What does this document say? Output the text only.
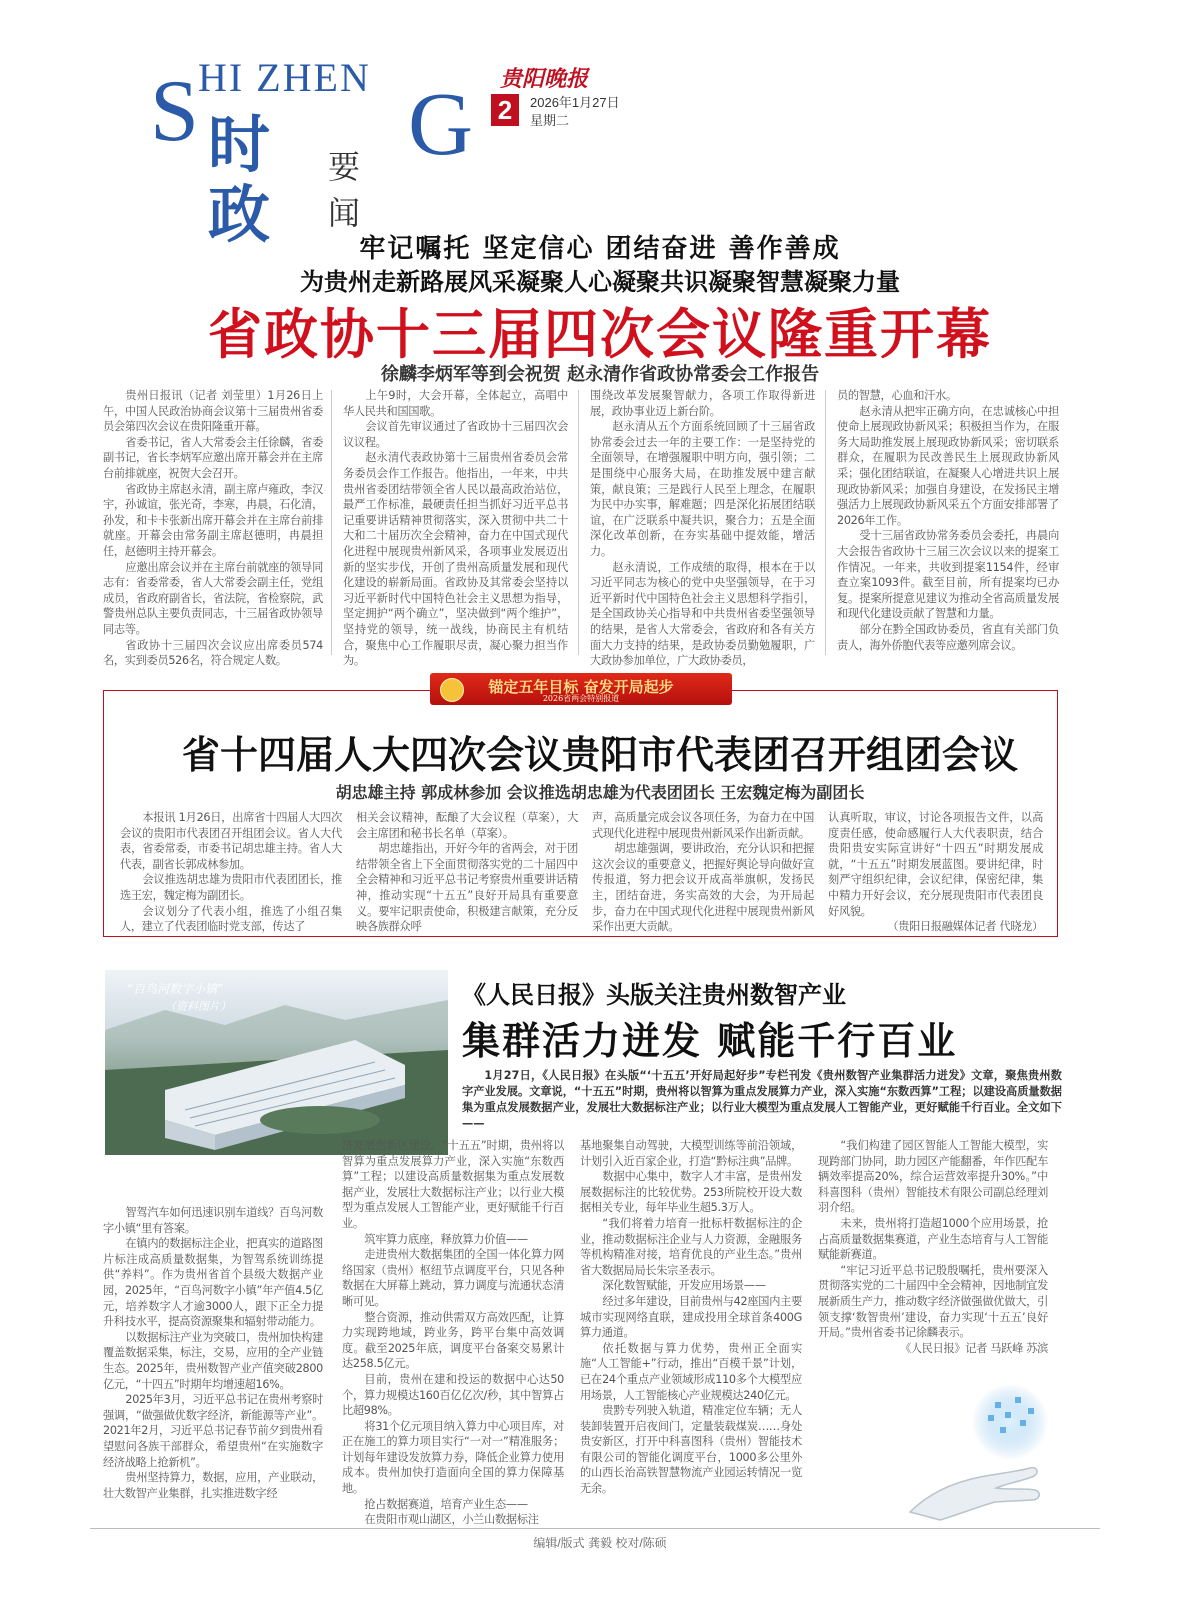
S HI ZHEN G
时政
要闻
贵阳晚报
2	2026年1月27日
星期二
牢记嘱托 坚定信心 团结奋进 善作善成
为贵州走新路展风采凝聚人心凝聚共识凝聚智慧凝聚力量
省政协十三届四次会议隆重开幕
徐麟李炳军等到会祝贺 赵永清作省政协常委会工作报告

贵州日报讯（记者 刘莹里）1月26日上午，中国人民政治协商会议第十三届贵州省委员会第四次会议在贵阳隆重开幕。

省委书记，省人大常委会主任徐麟，省委副书记，省长李炳军应邀出席开幕会并在主席台前排就座，祝贺大会召开。

省政协主席赵永清，副主席卢雍政，李汉宇，孙诚谊，张光奇，李寒，冉晨，石化清，孙发，和卡卡张新出席开幕会并在主席台前排就座。开幕会由常务副主席赵德明，冉晨担任，赵德明主持开幕会。

应邀出席会议并在主席台前就座的领导同志有：省委常委，省人大常委会副主任，党组成员，省政府副省长，省法院，省检察院，武警贵州总队主要负责同志，十三届省政协领导同志等。

省政协十三届四次会议应出席委员574名，实到委员526名，符合规定人数。

上午9时，大会开幕，全体起立，高唱中华人民共和国国歌。

会议首先审议通过了省政协十三届四次会议议程。

赵永清代表政协第十三届贵州省委员会常务委员会作工作报告。他指出，一年来，中共贵州省委团结带领全省人民以最高政治站位，最严工作标准，最硬责任担当抓好习近平总书记重要讲话精神贯彻落实，深入贯彻中共二十大和二十届历次全会精神，奋力在中国式现代化进程中展现贵州新风采，各项事业发展迈出新的坚实步伐，开创了贵州高质量发展和现代化建设的崭新局面。省政协及其常委会坚持以习近平新时代中国特色社会主义思想为指导，坚定拥护“两个确立”，坚决做到“两个维护”，坚持党的领导，统一战线，协商民主有机结合，聚焦中心工作履职尽责，凝心聚力担当作为。

围绕改革发展聚智献力，各项工作取得新进展，政协事业迈上新台阶。

赵永清从五个方面系统回顾了十三届省政协常委会过去一年的主要工作：一是坚持党的全面领导，在增强履职中明方向，强引领；二是围绕中心服务大局，在助推发展中建言献策，献良策；三是践行人民至上理念，在履职为民中办实事，解难题；四是深化拓展团结联谊，在广泛联系中凝共识，聚合力；五是全面深化改革创新，在夯实基础中提效能，增活力。

赵永清说，工作成绩的取得，根本在于以习近平同志为核心的党中央坚强领导，在于习近平新时代中国特色社会主义思想科学指引，是全国政协关心指导和中共贵州省委坚强领导的结果，是省人大常委会，省政府和各有关方面大力支持的结果，是政协委员勤勉履职，广大政协参加单位，广大政协委员，

员的智慧，心血和汗水。

赵永清从把牢正确方向，在忠诚核心中担使命上展现政协新风采；积极担当作为，在服务大局助推发展上展现政协新风采；密切联系群众，在履职为民改善民生上展现政协新风采；强化团结联谊，在凝聚人心增进共识上展现政协新风采；加强自身建设，在发扬民主增强活力上展现政协新风采五个方面安排部署了2026年工作。

受十三届省政协常务委员会委托，冉晨向大会报告省政协十三届三次会议以来的提案工作情况。一年来，共收到提案1154件，经审查立案1093件。截至目前，所有提案均已办复。提案所提意见建议为推动全省高质量发展和现代化建设贡献了智慧和力量。

部分在黔全国政协委员，省直有关部门负责人，海外侨胞代表等应邀列席会议。

锚定五年目标 奋发开局起步
2026省两会特别报道
省十四届人大四次会议贵阳市代表团召开组团会议
胡忠雄主持 郭成林参加 会议推选胡忠雄为代表团团长 王宏魏定梅为副团长

本报讯 1月26日，出席省十四届人大四次会议的贵阳市代表团召开组团会议。省人大代表，省委常委，市委书记胡忠雄主持。省人大代表，副省长郭成林参加。

会议推选胡忠雄为贵阳市代表团团长，推选王宏，魏定梅为副团长。

会议划分了代表小组，推选了小组召集人，建立了代表团临时党支部，传达了

相关会议精神，酝酿了大会议程（草案），大会主席团和秘书长名单（草案）。

胡忠雄指出，开好今年的省两会，对于团结带领全省上下全面贯彻落实党的二十届四中全会精神和习近平总书记考察贵州重要讲话精神，推动实现“十五五”良好开局具有重要意义。要牢记职责使命，积极建言献策，充分反映各族群众呼

声，高质量完成会议各项任务，为奋力在中国式现代化进程中展现贵州新风采作出新贡献。

胡忠雄强调，要讲政治，充分认识和把握这次会议的重要意义，把握好舆论导向做好宣传报道，努力把会议开成高举旗帜，发扬民主，团结奋进，务实高效的大会，为开局起步，奋力在中国式现代化进程中展现贵州新风采作出更大贡献。

认真听取，审议，讨论各项报告文件，以高度责任感，使命感履行人大代表职责，结合贵阳贵安实际宣讲好“十四五”时期发展成就，“十五五”时期发展蓝图。要讲纪律，时刻严守组织纪律，会议纪律，保密纪律，集中精力开好会议，充分展现贵阳市代表团良好风貌。

（贵阳日报融媒体记者 代晓龙）

“百鸟河数字小镇”
（资料图片）	《人民日报》头版关注贵州数智产业
集群活力迸发 赋能千行百业

1月27日，《人民日报》在头版“‘十五五’开好局起好步”专栏刊发《贵州数智产业集群活力迸发》文章，聚焦贵州数字产业发展。文章说，“十五五”时期，贵州将以智算为重点发展算力产业，深入实施“东数西算”工程；以建设高质量数据集为重点发展数据产业，发展壮大数据标注产业；以行业大模型为重点发展人工智能产业，更好赋能千行百业。全文如下——

智驾汽车如何迅速识别车道线？百鸟河数字小镇“里有答案。

在镇内的数据标注企业，把真实的道路图片标注成高质量数据集，为智驾系统训练提供“养料”。作为贵州省首个县级大数据产业园，2025年，“百鸟河数字小镇”年产值4.5亿元，培养数字人才逾3000人，跟下正全力提升科技水平，提高资源聚集和辐射带动能力。

以数据标注产业为突破口，贵州加快构建覆盖数据采集，标注，交易，应用的全产业链生态。2025年，贵州数智产业产值突破2800亿元，“十四五”时期年均增速超16%。

2025年3月，习近平总书记在贵州考察时强调，“做强做优数字经济，新能源等产业”。2021年2月，习近平总书记春节前夕到贵州看望慰问各族干部群众，希望贵州“在实施数字经济战略上抢新机”。

贵州坚持算力，数据，应用，产业联动，壮大数智产业集群，扎实推进数字经

济发展创新区建设。“十五五”时期，贵州将以智算为重点发展算力产业，深入实施“东数西算”工程；以建设高质量数据集为重点发展数据产业，发展壮大数据标注产业；以行业大模型为重点发展人工智能产业，更好赋能千行百业。

筑牢算力底座，释放算力价值——

走进贵州大数据集团的全国一体化算力网络国家（贵州）枢纽节点调度平台，只见各种数据在大屏幕上跳动，算力调度与流通状态清晰可见。

整合资源，推动供需双方高效匹配，让算力实现跨地域，跨业务，跨平台集中高效调度。截至2025年底，调度平台备案交易累计达258.5亿元。

目前，贵州在建和投运的数据中心达50个，算力规模达160百亿亿次/秒，其中智算占比超98%。

将31个亿元项目纳入算力中心项目库，对正在施工的算力项目实行“一对一”精准服务；计划每年建设发放算力券，降低企业算力使用成本。贵州加快打造面向全国的算力保障基地。

抢占数据赛道，培育产业生态——

在贵阳市观山湖区，小兰山数据标注

基地聚集自动驾驶，大模型训练等前沿领域，计划引入近百家企业，打造“黔标注典”品牌。

数据中心集中，数字人才丰富，是贵州发展数据标注的比较优势。253所院校开设大数据相关专业，每年毕业生超5.3万人。

“我们将着力培育一批标杆数据标注的企业，推动数据标注企业与人力资源，金融服务等机构精准对接，培育优良的产业生态。”贵州省大数据局局长朱宗圣表示。

深化数智赋能，开发应用场景——

经过多年建设，目前贵州与42座国内主要城市实现网络直联，建成投用全球首条400G算力通道。

依托数据与算力优势，贵州正全面实施“人工智能+”行动，推出“百模千景”计划，已在24个重点产业领域形成110多个大模型应用场景，人工智能核心产业规模达240亿元。

贵黔专列驶入轨道，精准定位车辆；无人装卸装置开启夜间门，定量装载煤炭……身处贵安新区，打开中科喜图科（贵州）智能技术有限公司的智能化调度平台，1000多公里外的山西长治高铁智慧物流产业园运转情况一览无余。

“我们构建了园区智能人工智能大模型，实现跨部门协同，助力园区产能翻番，年作匹配车辆效率提高20%，综合运营效率提升30%。”中科喜图科（贵州）智能技术有限公司副总经理刘羽介绍。

未来，贵州将打造超1000个应用场景，抢占高质量数据集赛道，产业生态培育与人工智能赋能新赛道。

“牢记习近平总书记殷殷嘱托，贵州要深入贯彻落实党的二十届四中全会精神，因地制宜发展新质生产力，推动数字经济做强做优做大，引领支撑‘数智贵州’建设，奋力实现‘十五五’良好开局。”贵州省委书记徐麟表示。

《人民日报》记者 马跃峰 苏滨

编辑/版式 龚毅 校对/陈硕
